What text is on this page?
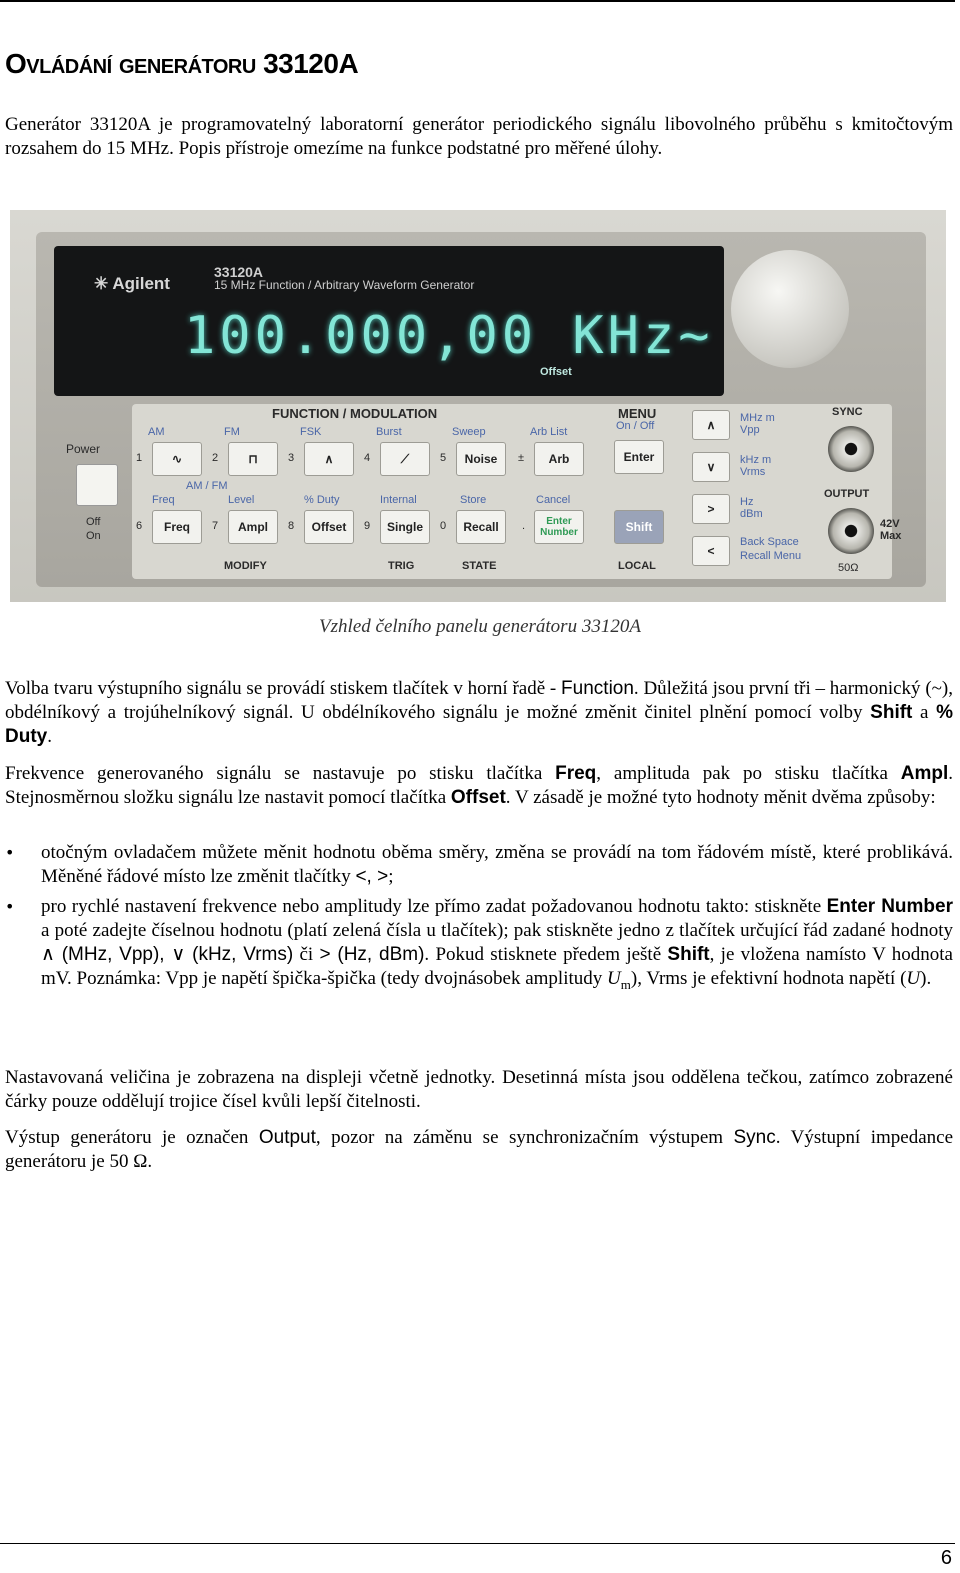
Ovládání generátoru 33120A

Generátor 33120A je programovatelný laboratorní generátor periodického signálu libovolného průběhu s kmitočtovým rozsahem do 15 MHz. Popis přístroje omezíme na funkce podstatné pro měřené úlohy.

✳ Agilent
33120A
15 MHz Function / Arbitrary Waveform Generator
100.000,00 KHz~
Offset
Power
Off
On
FUNCTION / MODULATION	MENU
On / Off
AM	FM	FSK	Burst	Sweep	Arb List
∿	⊓	∧	⟋	Noise	Arb	Enter
1	2	3	4	5	±
AM / FM
Freq	Level	% Duty	Internal	Store	Cancel
Freq	Ampl	Offset	Single	Recall	Enter Number	Shift
6	7	8	9	0	.
MODIFY	TRIG	STATE	LOCAL
∧
∨
>
<
MHz m Vpp
kHz m Vrms
Hz dBm
Back Space
Recall Menu
SYNC
OUTPUT
42V Max
50Ω
Vzhled čelního panelu generátoru 33120A

Volba tvaru výstupního signálu se provádí stiskem tlačítek v horní řadě - Function. Důležitá jsou první tři – harmonický (~), obdélníkový a trojúhelníkový signál. U obdélníkového signálu je možné změnit činitel plnění pomocí volby Shift a % Duty.

Frekvence generovaného signálu se nastavuje po stisku tlačítka Freq, amplituda pak po stisku tlačítka Ampl. Stejnosměrnou složku signálu lze nastavit pomocí tlačítka Offset. V zásadě je možné tyto hodnoty měnit dvěma způsoby:

• otočným ovladačem můžete měnit hodnotu oběma směry, změna se provádí na tom řádovém místě, které problikává. Měněné řádové místo lze změnit tlačítky <, >;
• pro rychlé nastavení frekvence nebo amplitudy lze přímo zadat požadovanou hodnotu takto: stiskněte Enter Number a poté zadejte číselnou hodnotu (platí zelená čísla u tlačítek); pak stiskněte jedno z tlačítek určující řád zadané hodnoty ∧ (MHz, Vpp), ∨ (kHz, Vrms) či > (Hz, dBm). Pokud stisknete předem ještě Shift, je vložena namísto V hodnota mV. Poznámka: Vpp je napětí špička-špička (tedy dvojnásobek amplitudy $U_m$), Vrms je efektivní hodnota napětí (U).

Nastavovaná veličina je zobrazena na displeji včetně jednotky. Desetinná místa jsou oddělena tečkou, zatímco zobrazené čárky pouze oddělují trojice čísel kvůli lepší čitelnosti.

Výstup generátoru je označen Output, pozor na záměnu se synchronizačním výstupem Sync. Výstupní impedance generátoru je 50 Ω.

6
